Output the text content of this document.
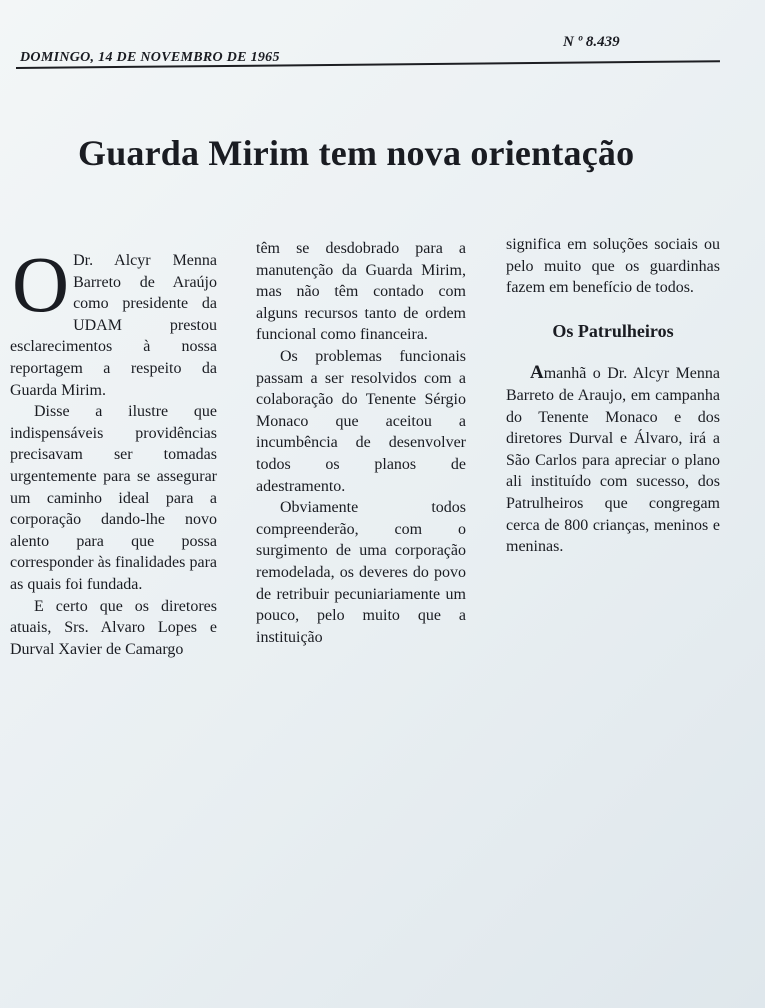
DOMINGO, 14 DE NOVEMBRO DE 1965
N º 8.439
Guarda Mirim tem nova orientação

O Dr. Alcyr Menna Barreto de Araújo como presidente da UDAM prestou esclarecimentos à nossa reportagem a respeito da Guarda Mirim.

Disse a ilustre que indispensáveis providências precisavam ser tomadas urgentemente para se assegurar um caminho ideal para a corporação dando-lhe novo alento para que possa corresponder às finalidades para as quais foi fundada.

E certo que os diretores atuais, Srs. Alvaro Lopes e Durval Xavier de Camargo

têm se desdobrado para a manutenção da Guarda Mirim, mas não têm contado com alguns recursos tanto de ordem funcional como financeira.

Os problemas funcionais passam a ser resolvidos com a colaboração do Tenente Sérgio Monaco que aceitou a incumbência de desenvolver todos os planos de adestramento.

Obviamente todos compreenderão, com o surgimento de uma corporação remodelada, os deveres do povo de retribuir pecuniariamente um pouco, pelo muito que a instituição

significa em soluções sociais ou pelo muito que os guardinhas fazem em benefício de todos.

Os Patrulheiros

Amanhã o Dr. Alcyr Menna Barreto de Araujo, em campanha do Tenente Monaco e dos diretores Durval e Álvaro, irá a São Carlos para apreciar o plano ali instituído com sucesso, dos Patrulheiros que congregam cerca de 800 crianças, meninos e meninas.
